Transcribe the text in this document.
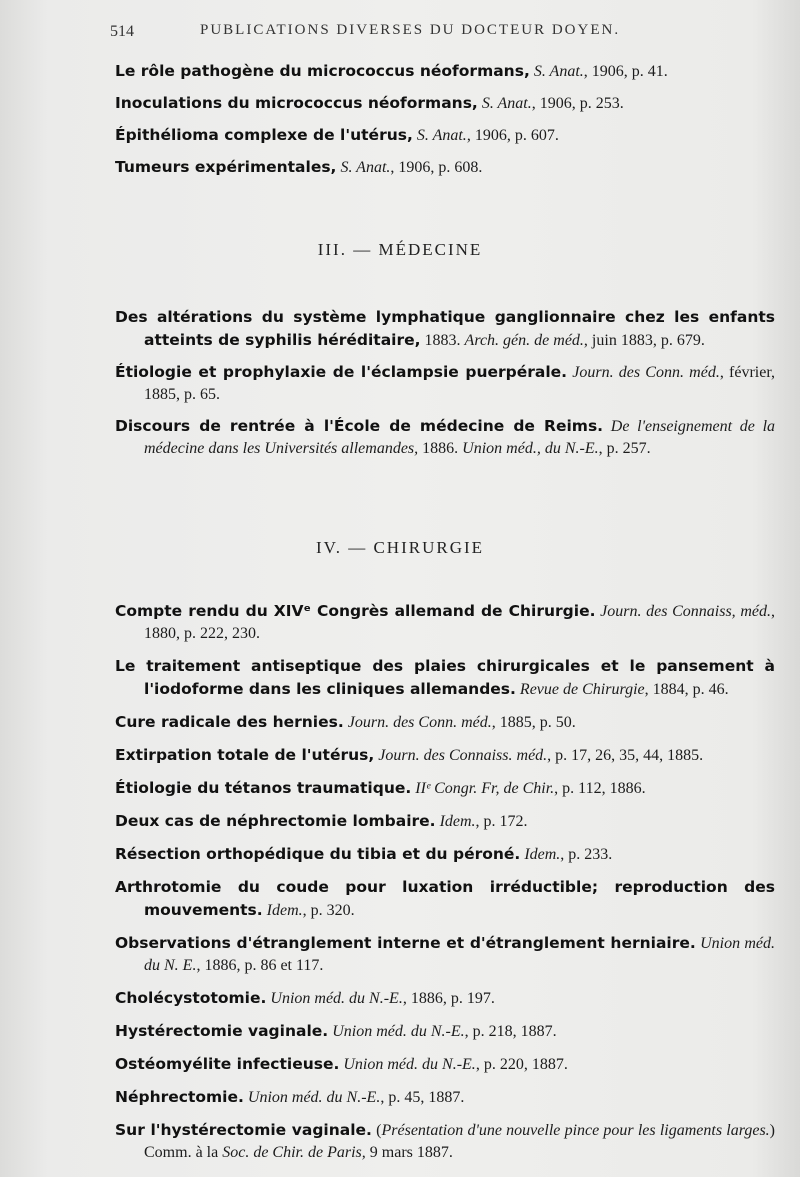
514	PUBLICATIONS DIVERSES DU DOCTEUR DOYEN.

Le rôle pathogène du micrococcus néoformans, S. Anat., 1906, p. 41.

Inoculations du micrococcus néoformans, S. Anat., 1906, p. 253.

Épithélioma complexe de l'utérus, S. Anat., 1906, p. 607.

Tumeurs expérimentales, S. Anat., 1906, p. 608.

III. — MÉDECINE

Des altérations du système lymphatique ganglionnaire chez les enfants atteints de syphilis héréditaire, 1883. Arch. gén. de méd., juin 1883, p. 679.

Étiologie et prophylaxie de l'éclampsie puerpérale. Journ. des Conn. méd., février, 1885, p. 65.

Discours de rentrée à l'École de médecine de Reims. De l'enseignement de la médecine dans les Universités allemandes, 1886. Union méd., du N.-E., p. 257.

IV. — CHIRURGIE

Compte rendu du XIVᵉ Congrès allemand de Chirurgie. Journ. des Connaiss, méd., 1880, p. 222, 230.

Le traitement antiseptique des plaies chirurgicales et le pansement à l'iodoforme dans les cliniques allemandes. Revue de Chirurgie, 1884, p. 46.

Cure radicale des hernies. Journ. des Conn. méd., 1885, p. 50.

Extirpation totale de l'utérus, Journ. des Connaiss. méd., p. 17, 26, 35, 44, 1885.

Étiologie du tétanos traumatique. IIᵉ Congr. Fr, de Chir., p. 112, 1886.

Deux cas de néphrectomie lombaire. Idem., p. 172.

Résection orthopédique du tibia et du péroné. Idem., p. 233.

Arthrotomie du coude pour luxation irréductible; reproduction des mouvements. Idem., p. 320.

Observations d'étranglement interne et d'étranglement herniaire. Union méd. du N. E., 1886, p. 86 et 117.

Cholécystotomie. Union méd. du N.-E., 1886, p. 197.

Hystérectomie vaginale. Union méd. du N.-E., p. 218, 1887.

Ostéomyélite infectieuse. Union méd. du N.-E., p. 220, 1887.

Néphrectomie. Union méd. du N.-E., p. 45, 1887.

Sur l'hystérectomie vaginale. (Présentation d'une nouvelle pince pour les ligaments larges.) Comm. à la Soc. de Chir. de Paris, 9 mars 1887.
